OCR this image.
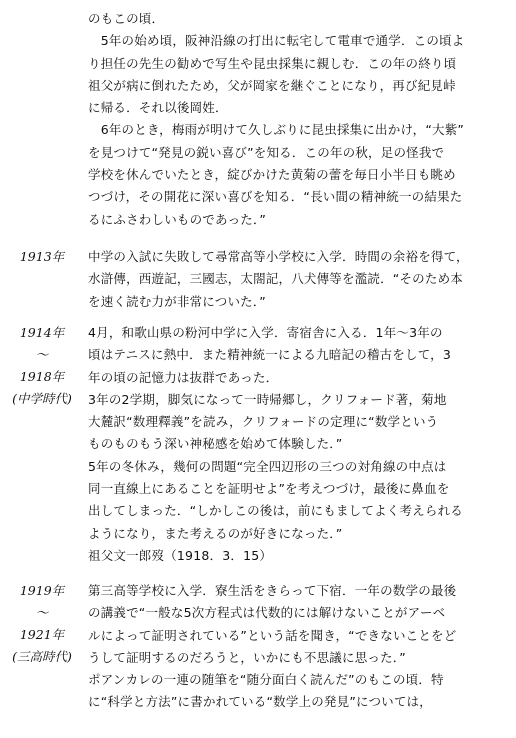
のもこの頃．
　5年の始め頃，阪神沿線の打出に転宅して電車で通学．この頃よ
り担任の先生の勧めで写生や昆虫採集に親しむ．この年の終り頃
祖父が病に倒れたため，父が岡家を継ぐことになり，再び紀見峠
に帰る．それ以後岡姓．
　6年のとき，梅雨が明けて久しぶりに昆虫採集に出かけ，“大紫”
を見つけて“発見の鋭い喜び”を知る．この年の秋，足の怪我で
学校を休んでいたとき，綻びかけた黄菊の蕾を毎日小半日も眺め
つづけ，その開花に深い喜びを知る．“長い間の精神統一の結果た
るにふさわしいものであった．”
1913年	中学の入試に失敗して尋常高等小学校に入学．時間の余裕を得て，
水滸傳，西遊記，三國志，太閤記，八犬傳等を濫読．“そのため本
を速く読む力が非常についた．”
1914年
〜
1918年
(中学時代)
4月，和歌山県の粉河中学に入学．寄宿舎に入る．1年～3年の
頃はテニスに熱中．また精神統一による九暗記の稽古をして，3
年の頃の記憶力は抜群であった．
3年の2学期，脚気になって一時帰郷し，クリフォード著，菊地
大麓訳“数理釋義”を読み，クリフォードの定理に“数学という
ものものもう深い神秘感を始めて体験した．”
5年の冬休み，幾何の問題“完全四辺形の三つの対角線の中点は
同一直線上にあることを証明せよ”を考えつづけ，最後に鼻血を
出してしまった．“しかしこの後は，前にもましてよく考えられる
ようになり，また考えるのが好きになった．”
祖父文一郎歿（1918．3．15）
1919年
〜
1921年
(三高時代)
第三高等学校に入学．寮生活をきらって下宿．一年の数学の最後
の講義で“一般な5次方程式は代数的には解けないことがアーベ
ルによって証明されている”という話を聞き，“できないことをど
うして証明するのだろうと，いかにも不思議に思った．”
ポアンカレの一連の随筆を“随分面白く読んだ”のもこの頃．特
に“科学と方法”に書かれている“数学上の発見”については，
